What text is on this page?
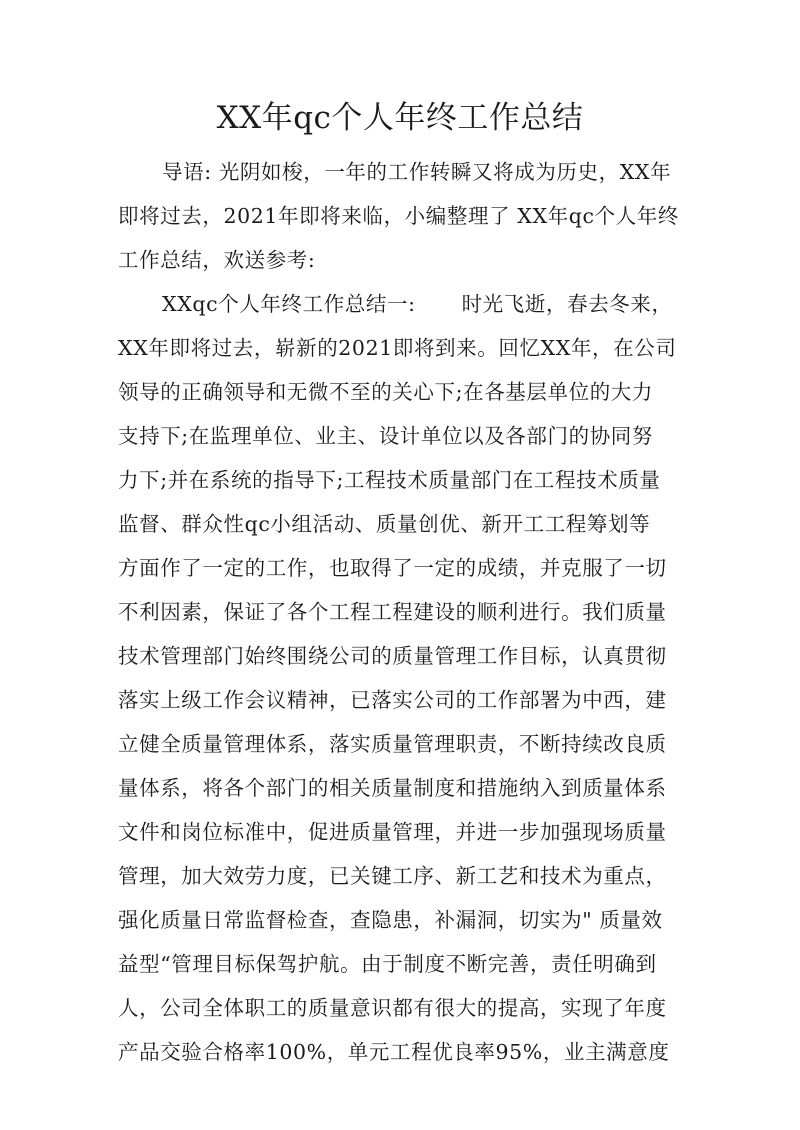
XX年qc个人年终工作总结
导语: 光阴如梭，一年的工作转瞬又将成为历史，XX年
即将过去，2021年即将来临，小编整理了 XX年qc个人年终
工作总结，欢送参考:
XXqc个人年终工作总结一: 时光飞逝，春去冬来，
XX年即将过去，崭新的2021即将到来。回忆XX年，在公司
领导的正确领导和无微不至的关心下;在各基层单位的大力
支持下;在监理单位、业主、设计单位以及各部门的协同努
力下;并在系统的指导下;工程技术质量部门在工程技术质量
监督、群众性qc小组活动、质量创优、新开工工程筹划等
方面作了一定的工作，也取得了一定的成绩，并克服了一切
不利因素，保证了各个工程工程建设的顺利进行。我们质量
技术管理部门始终围绕公司的质量管理工作目标，认真贯彻
落实上级工作会议精神，已落实公司的工作部署为中西，建
立健全质量管理体系，落实质量管理职责，不断持续改良质
量体系，将各个部门的相关质量制度和措施纳入到质量体系
文件和岗位标准中，促进质量管理，并进一步加强现场质量
管理，加大效劳力度，已关键工序、新工艺和技术为重点，
强化质量日常监督检查，查隐患，补漏洞，切实为" 质量效
益型“管理目标保驾护航。由于制度不断完善，责任明确到
人，公司全体职工的质量意识都有很大的提高，实现了年度
产品交验合格率100%，单元工程优良率95%，业主满意度
